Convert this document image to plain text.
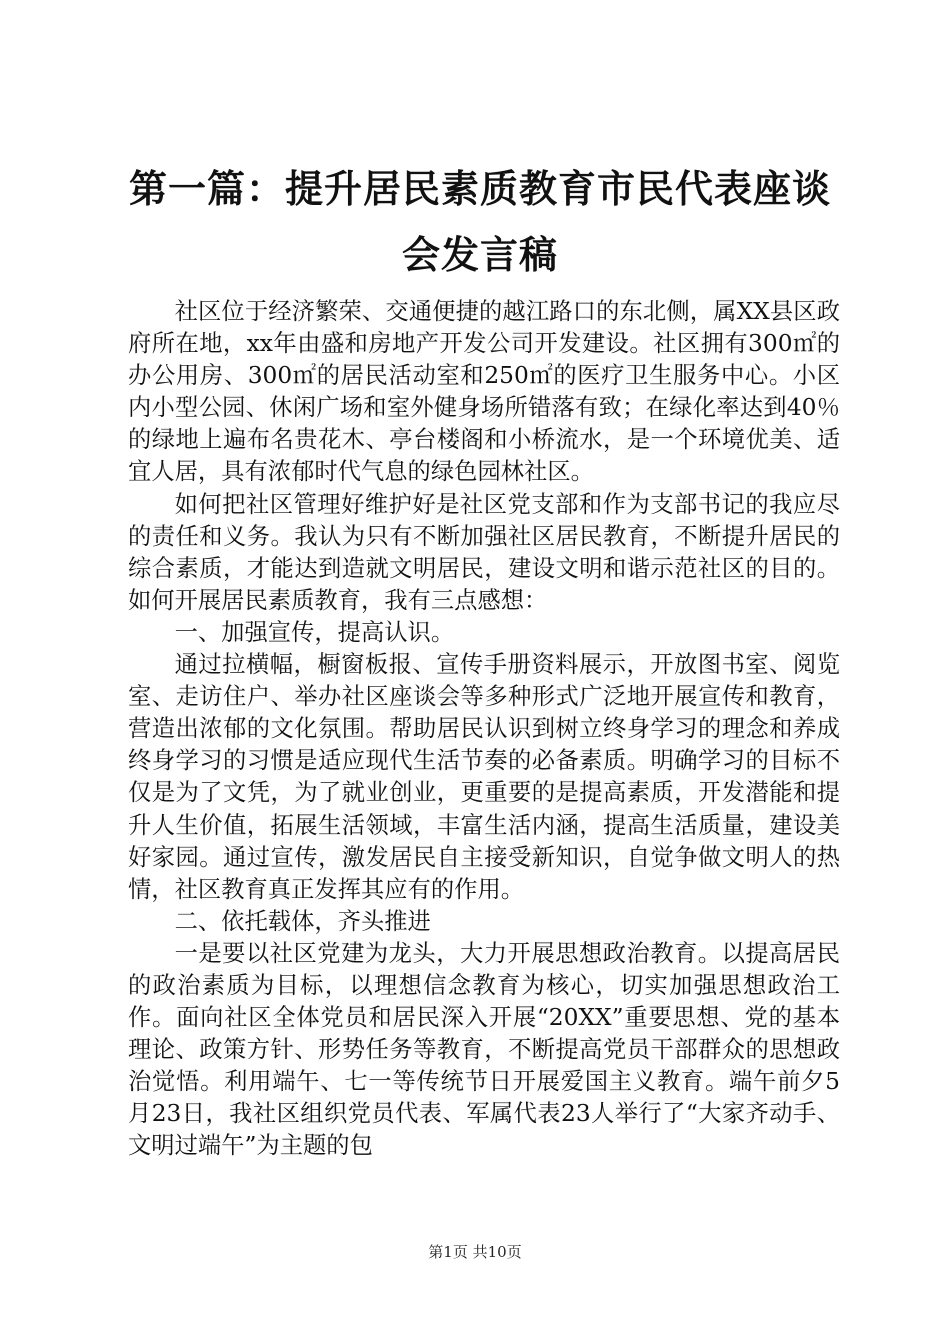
第一篇：提升居民素质教育市民代表座谈会发言稿

社区位于经济繁荣、交通便捷的越江路口的东北侧，属XX县区政府所在地，xx年由盛和房地产开发公司开发建设。社区拥有300㎡的办公用房、300㎡的居民活动室和250㎡的医疗卫生服务中心。小区内小型公园、休闲广场和室外健身场所错落有致；在绿化率达到40％的绿地上遍布名贵花木、亭台楼阁和小桥流水，是一个环境优美、适宜人居，具有浓郁时代气息的绿色园林社区。

如何把社区管理好维护好是社区党支部和作为支部书记的我应尽的责任和义务。我认为只有不断加强社区居民教育，不断提升居民的综合素质，才能达到造就文明居民，建设文明和谐示范社区的目的。如何开展居民素质教育，我有三点感想：

一、加强宣传，提高认识。

通过拉横幅，橱窗板报、宣传手册资料展示，开放图书室、阅览室、走访住户、举办社区座谈会等多种形式广泛地开展宣传和教育，营造出浓郁的文化氛围。帮助居民认识到树立终身学习的理念和养成终身学习的习惯是适应现代生活节奏的必备素质。明确学习的目标不仅是为了文凭，为了就业创业，更重要的是提高素质，开发潜能和提升人生价值，拓展生活领域，丰富生活内涵，提高生活质量，建设美好家园。通过宣传，激发居民自主接受新知识，自觉争做文明人的热情，社区教育真正发挥其应有的作用。

二、依托载体，齐头推进

一是要以社区党建为龙头，大力开展思想政治教育。以提高居民的政治素质为目标，以理想信念教育为核心，切实加强思想政治工作。面向社区全体党员和居民深入开展“20XX”重要思想、党的基本理论、政策方针、形势任务等教育，不断提高党员干部群众的思想政治觉悟。利用端午、七一等传统节日开展爱国主义教育。端午前夕5月23日，我社区组织党员代表、军属代表23人举行了“大家齐动手、文明过端午”为主题的包

第1页 共10页
